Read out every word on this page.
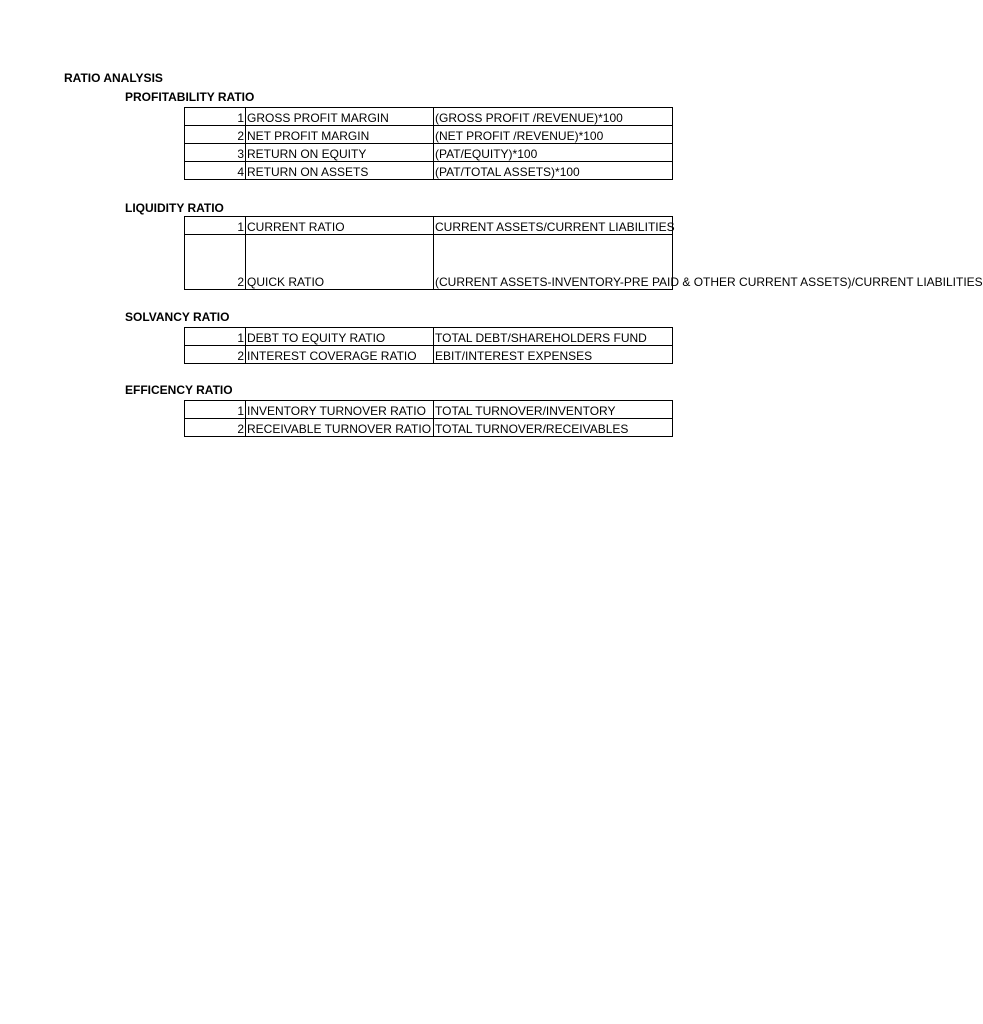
RATIO ANALYSIS
PROFITABILITY RATIO
1	GROSS PROFIT MARGIN	(GROSS PROFIT /REVENUE)*100
2	NET PROFIT MARGIN	(NET PROFIT /REVENUE)*100
3	RETURN ON EQUITY	(PAT/EQUITY)*100
4	RETURN ON ASSETS	(PAT/TOTAL ASSETS)*100
LIQUIDITY RATIO
1	CURRENT RATIO	CURRENT ASSETS/CURRENT LIABILITIES
2	QUICK RATIO	(CURRENT ASSETS-INVENTORY-PRE PAID & OTHER CURRENT ASSETS)/CURRENT LIABILITIES
SOLVANCY RATIO
1	DEBT TO EQUITY RATIO	TOTAL DEBT/SHAREHOLDERS FUND
2	INTEREST COVERAGE RATIO	EBIT/INTEREST EXPENSES
EFFICENCY RATIO
1	INVENTORY TURNOVER RATIO	TOTAL TURNOVER/INVENTORY
2	RECEIVABLE TURNOVER RATIO	TOTAL TURNOVER/RECEIVABLES
